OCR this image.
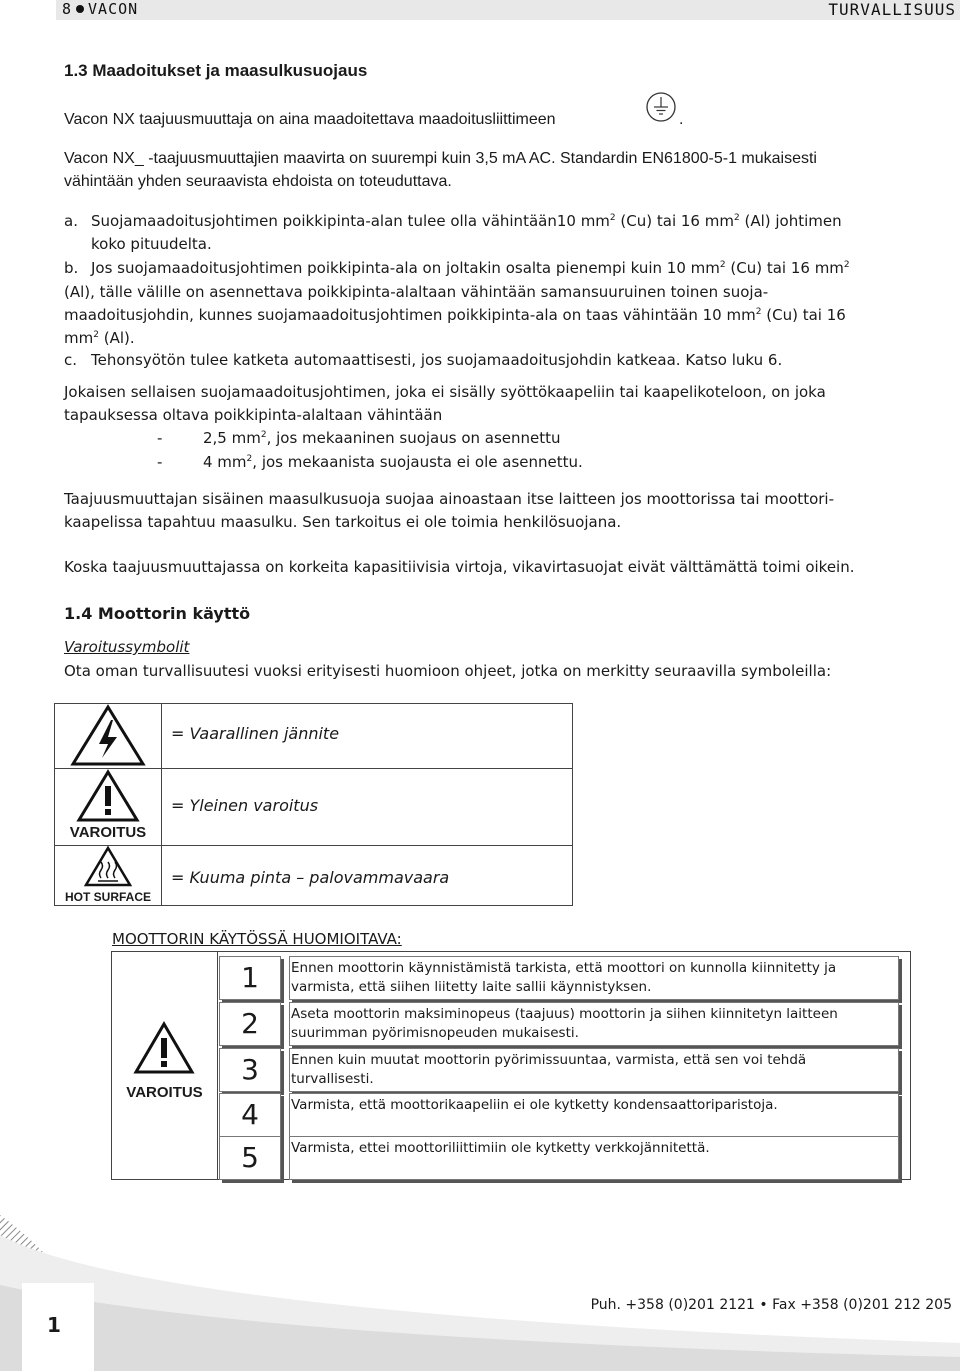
8 VACON	TURVALLISUUS
1.3 Maadoitukset ja maasulkusuojaus
Vacon NX taajuusmuuttaja on aina maadoitettava maadoitusliittimeen	.
Vacon NX_ -taajuusmuuttajien maavirta on suurempi kuin 3,5 mA AC. Standardin EN61800-5-1 mukaisesti
vähintään yhden seuraavista ehdoista on toteuduttava.
a. Suojamaadoitusjohtimen poikkipinta-alan tulee olla vähintään10 $mm^2$ (Cu) tai 16 $mm^2$ (Al) johtimen
koko pituudelta.
b. Jos suojamaadoitusjohtimen poikkipinta-ala on joltakin osalta pienempi kuin 10 $mm^2$ (Cu) tai 16 $mm^2$
(Al), tälle välille on asennettava poikkipinta-alaltaan vähintään samansuuruinen toinen suoja-
maadoitusjohdin, kunnes suojamaadoitusjohtimen poikkipinta-ala on taas vähintään 10 $mm^2$ (Cu) tai 16
$mm^2$ (Al).
c. Tehonsyötön tulee katketa automaattisesti, jos suojamaadoitusjohdin katkeaa. Katso luku 6.
Jokaisen sellaisen suojamaadoitusjohtimen, joka ei sisälly syöttökaapeliin tai kaapelikoteloon, on joka
tapauksessa oltava poikkipinta-alaltaan vähintään
-	2,5 $mm^2$, jos mekaaninen suojaus on asennettu
-	4 $mm^2$, jos mekaanista suojausta ei ole asennettu.
Taajuusmuuttajan sisäinen maasulkusuoja suojaa ainoastaan itse laitteen jos moottorissa tai moottori-
kaapelissa tapahtuu maasulku. Sen tarkoitus ei ole toimia henkilösuojana.
Koska taajuusmuuttajassa on korkeita kapasitiivisia virtoja, vikavirtasuojat eivät välttämättä toimi oikein.
1.4 Moottorin käyttö
Varoitussymbolit
Ota oman turvallisuutesi vuoksi erityisesti huomioon ohjeet, jotka on merkitty seuraavilla symboleilla:
= Vaarallinen jännite
VAROITUS
= Yleinen varoitus
HOT SURFACE
= Kuuma pinta – palovammavaara
MOOTTORIN KÄYTÖSSÄ HUOMIOITAVA:
VAROITUS
1	Ennen moottorin käynnistämistä tarkista, että moottori on kunnolla kiinnitetty ja
varmista, että siihen liitetty laite sallii käynnistyksen.
2	Aseta moottorin maksiminopeus (taajuus) moottorin ja siihen kiinnitetyn laitteen
suurimman pyörimisnopeuden mukaisesti.
3	Ennen kuin muutat moottorin pyörimissuuntaa, varmista, että sen voi tehdä
turvallisesti.
4	Varmista, että moottorikaapeliin ei ole kytketty kondensaattoriparistoja.
5	Varmista, ettei moottoriliittimiin ole kytketty verkkojännitettä.
1
Puh. +358 (0)201 2121 • Fax +358 (0)201 212 205
